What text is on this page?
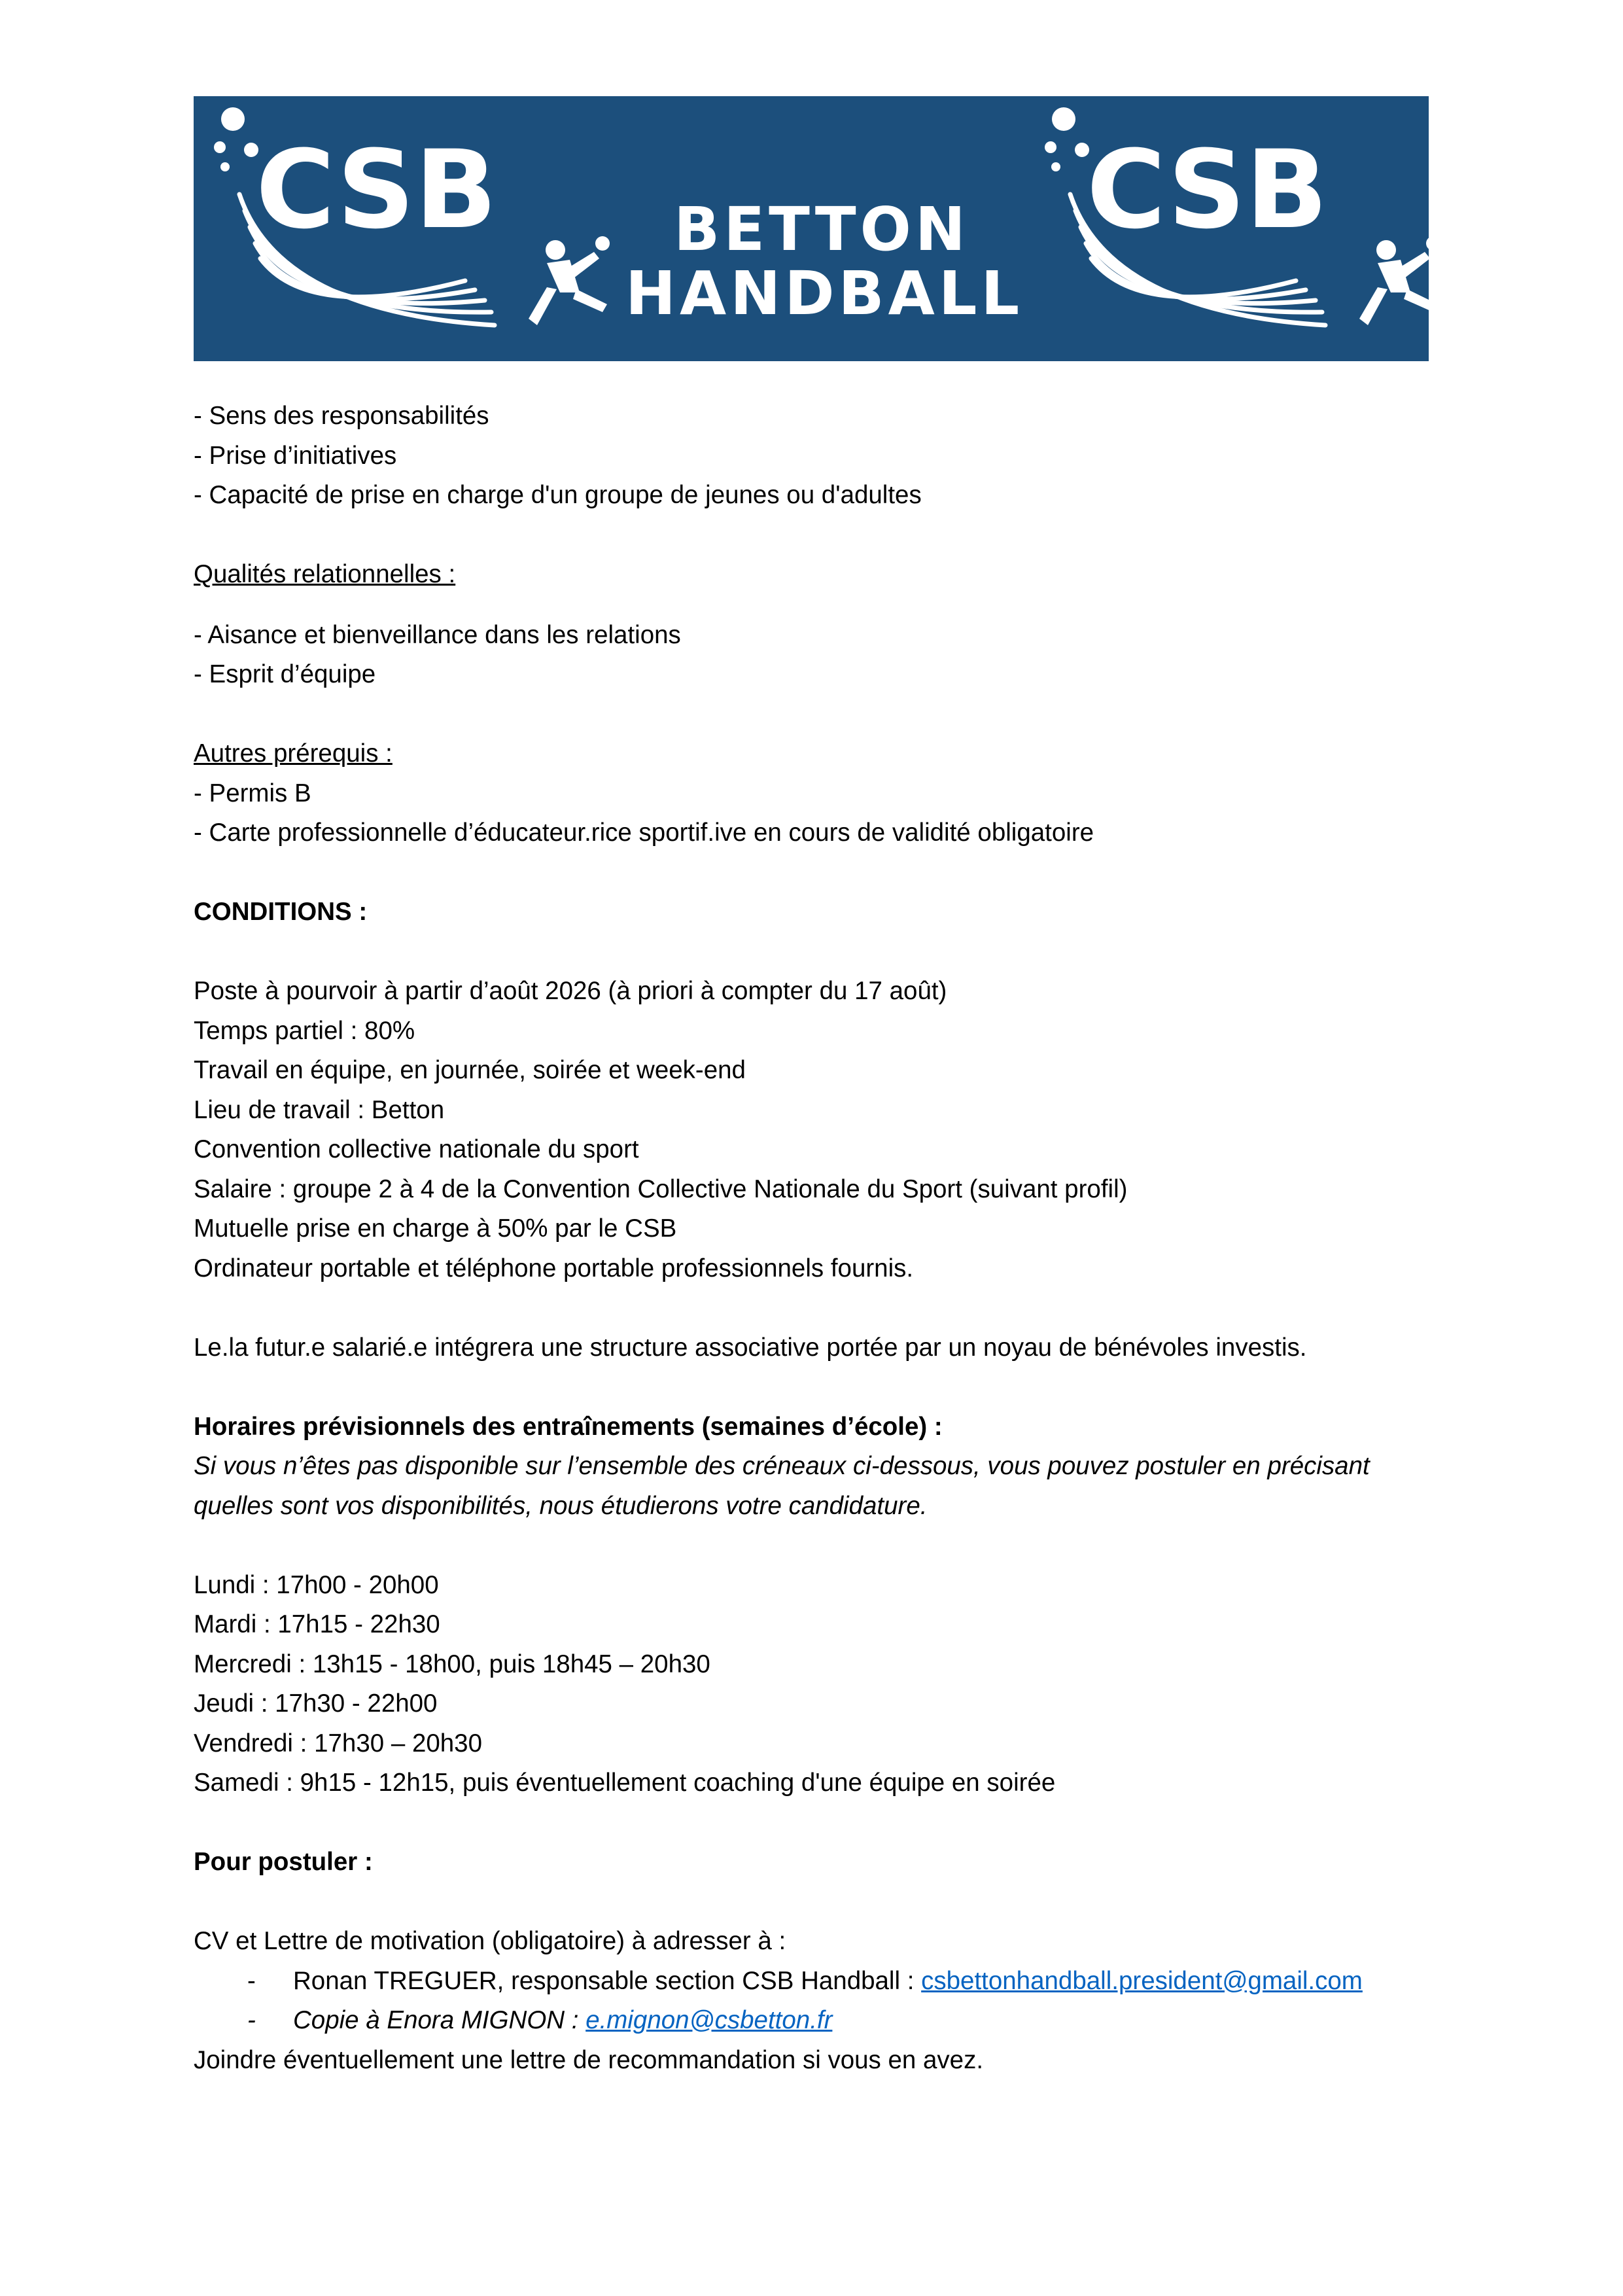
CSB	BETTON
HANDBALL
CSB
- Sens des responsabilités
- Prise d’initiatives
- Capacité de prise en charge d'un groupe de jeunes ou d'adultes
Qualités relationnelles :
- Aisance et bienveillance dans les relations
- Esprit d’équipe
Autres prérequis :
- Permis B
- Carte professionnelle d’éducateur.rice sportif.ive en cours de validité obligatoire
CONDITIONS :
Poste à pourvoir à partir d’août 2026 (à priori à compter du 17 août)
Temps partiel : 80%
Travail en équipe, en journée, soirée et week-end
Lieu de travail : Betton
Convention collective nationale du sport
Salaire : groupe 2 à 4 de la Convention Collective Nationale du Sport (suivant profil)
Mutuelle prise en charge à 50% par le CSB
Ordinateur portable et téléphone portable professionnels fournis.
Le.la futur.e salarié.e intégrera une structure associative portée par un noyau de bénévoles investis.
Horaires prévisionnels des entraînements (semaines d’école) :
Si vous n’êtes pas disponible sur l’ensemble des créneaux ci-dessous, vous pouvez postuler en précisant quelles sont vos disponibilités, nous étudierons votre candidature.
Lundi : 17h00 - 20h00
Mardi : 17h15 - 22h30
Mercredi : 13h15 - 18h00, puis 18h45 – 20h30
Jeudi : 17h30 - 22h00
Vendredi : 17h30 – 20h30
Samedi : 9h15 - 12h15, puis éventuellement coaching d'une équipe en soirée
Pour postuler :
CV et Lettre de motivation (obligatoire) à adresser à :
- Ronan TREGUER, responsable section CSB Handball : csbettonhandball.president@gmail.com
- Copie à Enora MIGNON : e.mignon@csbetton.fr
Joindre éventuellement une lettre de recommandation si vous en avez.
